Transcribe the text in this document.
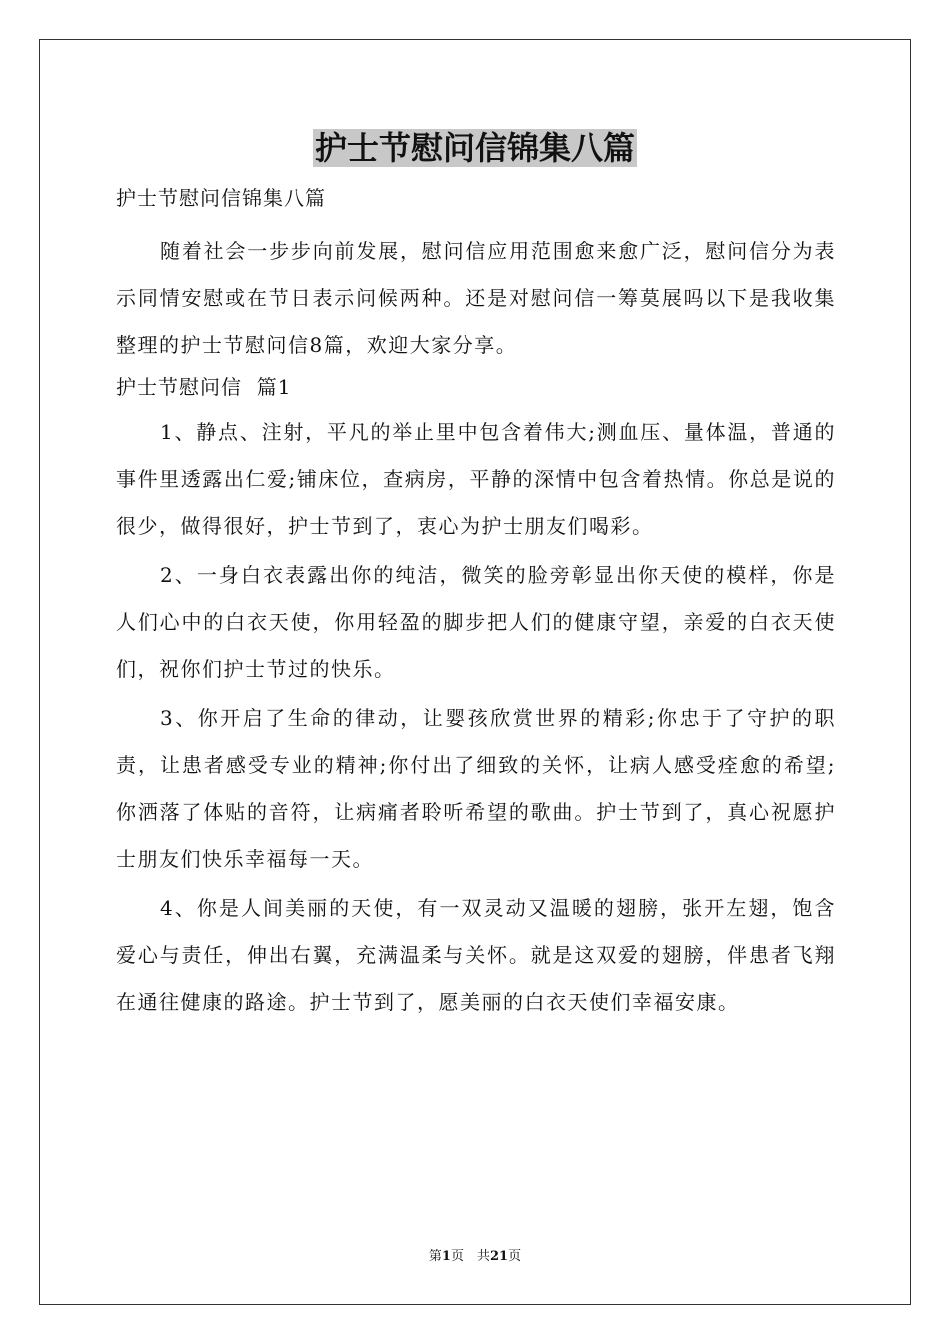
护士节慰问信锦集八篇
护士节慰问信锦集八篇

随着社会一步步向前发展，慰问信应用范围愈来愈广泛，慰问信分为表示同情安慰或在节日表示问候两种。还是对慰问信一筹莫展吗以下是我收集整理的护士节慰问信8篇，欢迎大家分享。

护士节慰问信  篇1

1、静点、注射，平凡的举止里中包含着伟大;测血压、量体温，普通的事件里透露出仁爱;铺床位，查病房，平静的深情中包含着热情。你总是说的很少，做得很好，护士节到了，衷心为护士朋友们喝彩。

2、一身白衣表露出你的纯洁，微笑的脸旁彰显出你天使的模样，你是人们心中的白衣天使，你用轻盈的脚步把人们的健康守望，亲爱的白衣天使们，祝你们护士节过的快乐。

3、你开启了生命的律动，让婴孩欣赏世界的精彩;你忠于了守护的职责，让患者感受专业的精神;你付出了细致的关怀，让病人感受痊愈的希望;你洒落了体贴的音符，让病痛者聆听希望的歌曲。护士节到了，真心祝愿护士朋友们快乐幸福每一天。

4、你是人间美丽的天使，有一双灵动又温暖的翅膀，张开左翅，饱含爱心与责任，伸出右翼，充满温柔与关怀。就是这双爱的翅膀，伴患者飞翔在通往健康的路途。护士节到了，愿美丽的白衣天使们幸福安康。

第1页　共21页
